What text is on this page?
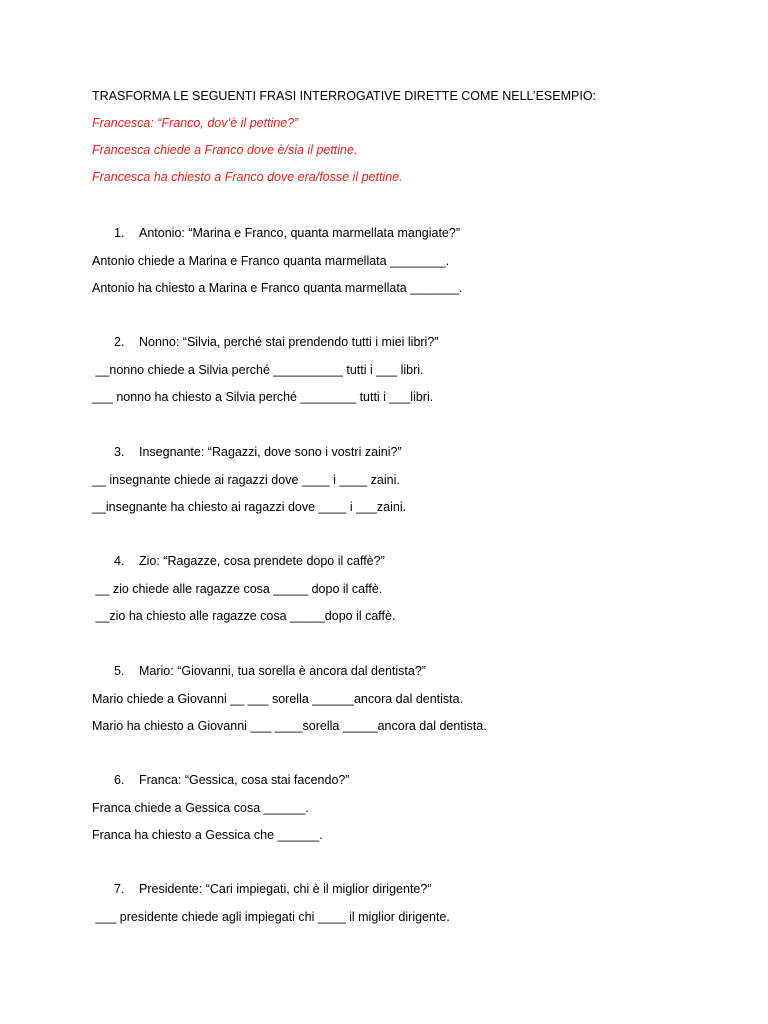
TRASFORMA LE SEGUENTI FRASI INTERROGATIVE DIRETTE COME NELL’ESEMPIO:
Francesca: “Franco, dov’è il pettine?”
Francesca chiede a Franco dove è/sia il pettine.
Francesca ha chiesto a Franco dove era/fosse il pettine.
1. Antonio: “Marina e Franco, quanta marmellata mangiate?”
Antonio chiede a Marina e Franco quanta marmellata ________.
Antonio ha chiesto a Marina e Franco quanta marmellata _______.
2. Nonno: “Silvia, perché stai prendendo tutti i miei libri?”
__nonno chiede a Silvia perché __________ tutti i ___ libri.
___ nonno ha chiesto a Silvia perché ________ tutti i ___libri.
3. Insegnante: “Ragazzi, dove sono i vostri zaini?”
__ insegnante chiede ai ragazzi dove ____ i ____ zaini.
__insegnante ha chiesto ai ragazzi dove ____ i ___zaini.
4. Zio: “Ragazze, cosa prendete dopo il caffè?”
__ zio chiede alle ragazze cosa _____ dopo il caffè.
__zio ha chiesto alle ragazze cosa _____dopo il caffè.
5. Mario: “Giovanni, tua sorella è ancora dal dentista?”
Mario chiede a Giovanni __ ___ sorella ______ancora dal dentista.
Mario ha chiesto a Giovanni ___ ____sorella _____ancora dal dentista.
6. Franca: “Gessica, cosa stai facendo?”
Franca chiede a Gessica cosa ______.
Franca ha chiesto a Gessica che ______.
7. Presidente: “Cari impiegati, chi è il miglior dirigente?”
___ presidente chiede agli impiegati chi ____ il miglior dirigente.
